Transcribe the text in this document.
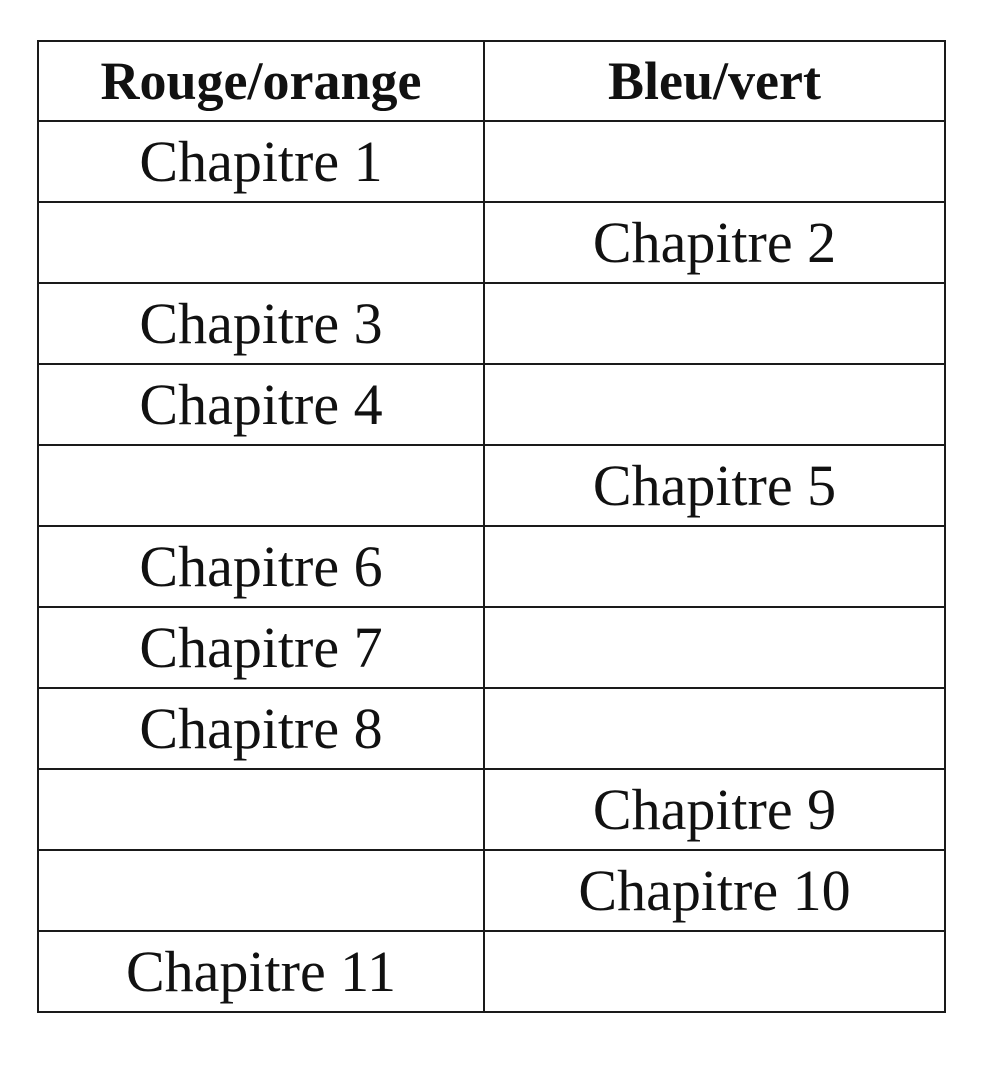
Rouge/orange	Bleu/vert
Chapitre 1	
	Chapitre 2
Chapitre 3	
Chapitre 4	
	Chapitre 5
Chapitre 6	
Chapitre 7	
Chapitre 8	
	Chapitre 9
	Chapitre 10
Chapitre 11	
